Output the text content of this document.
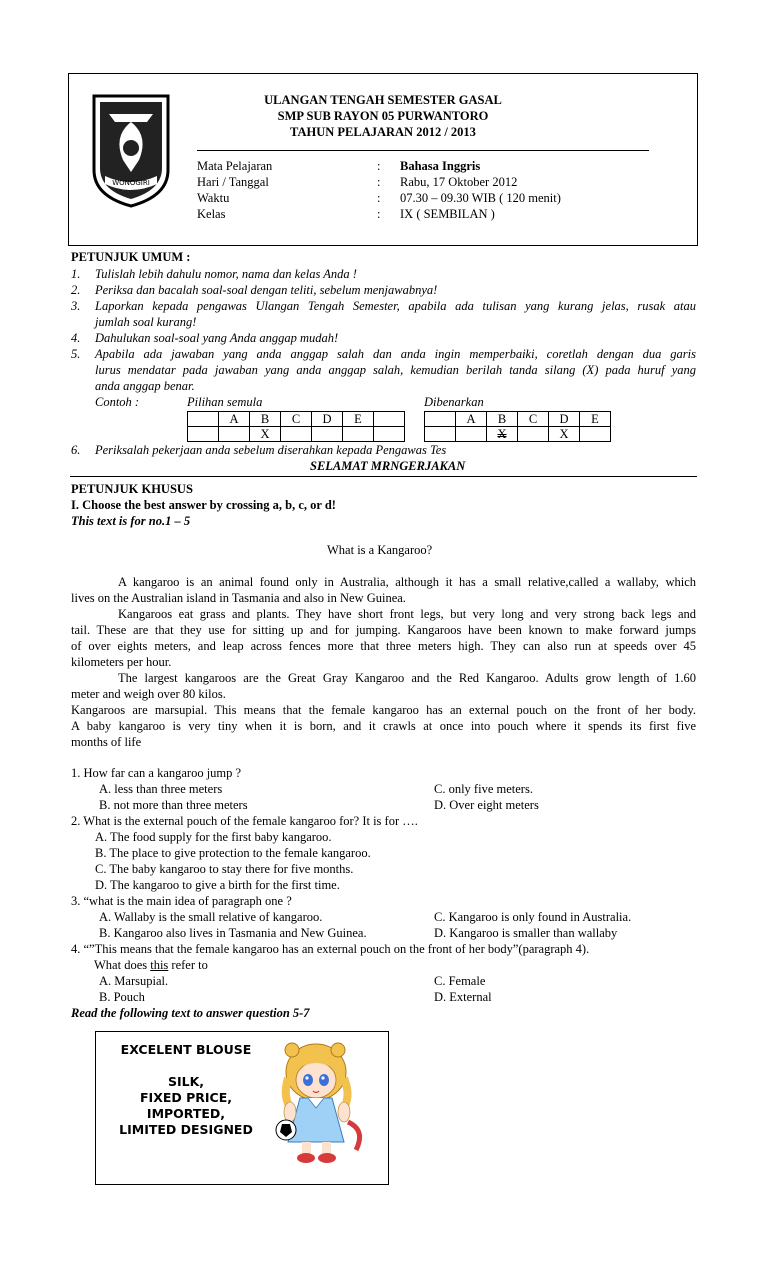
WONOGIRI
ULANGAN TENGAH SEMESTER GASAL
SMP SUB RAYON 05 PURWANTORO
TAHUN PELAJARAN 2012 / 2013
Mata Pelajaran	: Bahasa Inggris
Hari / Tanggal	: Rabu, 17 Oktober 2012
Waktu	: 07.30 – 09.30 WIB ( 120 menit)
Kelas	: IX ( SEMBILAN )
PETUNJUK UMUM :
1. Tulislah lebih dahulu nomor, nama dan kelas Anda !
2. Periksa dan bacalah soal-soal dengan teliti, sebelum menjawabnya!
3. Laporkan kepada pengawas Ulangan Tengah Semester, apabila ada tulisan yang kurang jelas, rusak atau
jumlah soal kurang!
4. Dahulukan soal-soal yang Anda anggap mudah!
5. Apabila ada jawaban yang anda anggap salah dan anda ingin memperbaiki, coretlah dengan dua garis
lurus mendatar pada jawaban yang anda anggap salah, kemudian berilah tanda silang (X) pada huruf yang
anda anggap benar.
Contoh :	Pilihan semula	Dibenarkan
	A	B	C	D	E	
		X				
	A	B	C	D	E
		X		X	
6. Periksalah pekerjaan anda sebelum diserahkan kepada Pengawas Tes
SELAMAT MRNGERJAKAN
PETUNJUK KHUSUS
I. Choose the best answer by crossing a, b, c, or d!
This text is for no.1 – 5
What is a Kangaroo?
A kangaroo is an animal found only in Australia, although it has a small relative,called a wallaby, which
lives on the Australian island in Tasmania and also in New Guinea.
Kangaroos eat grass and plants. They have short front legs, but very long and very strong back legs and
tail. These are that they use for sitting up and for jumping. Kangaroos have been known to make forward jumps
of over eights meters, and leap across fences more that three meters high. They can also run at speeds over 45
kilometers per hour.
The largest kangaroos are the Great Gray Kangaroo and the Red Kangaroo. Adults grow length of 1.60
meter and weigh over 80 kilos.
Kangaroos are marsupial. This means that the female kangaroo has an external pouch on the front of her body.
A baby kangaroo is very tiny when it is born, and it crawls at once into pouch where it spends its first five
months of life
1. How far can a kangaroo jump ?
A. less than three meters	C. only five meters.
B. not more than three meters	D. Over eight meters
2. What is the external pouch of the female kangaroo for? It is for ….
A. The food supply for the first baby kangaroo.
B. The place to give protection to the female kangaroo.
C. The baby kangaroo to stay there for five months.
D. The kangaroo to give a birth for the first time.
3. “what is the main idea of paragraph one ?
A. Wallaby is the small relative of kangaroo.	C. Kangaroo is only found in Australia.
B. Kangaroo also lives in Tasmania and New Guinea.	D. Kangaroo is smaller than wallaby
4. “”This means that the female kangaroo has an external pouch on the front of her body”(paragraph 4).
What does this refer to
A. Marsupial.	C. Female
B. Pouch	D. External
Read the following text to answer question 5-7
EXCELENT BLOUSE
SILK,
FIXED PRICE,
IMPORTED,
LIMITED DESIGNED
